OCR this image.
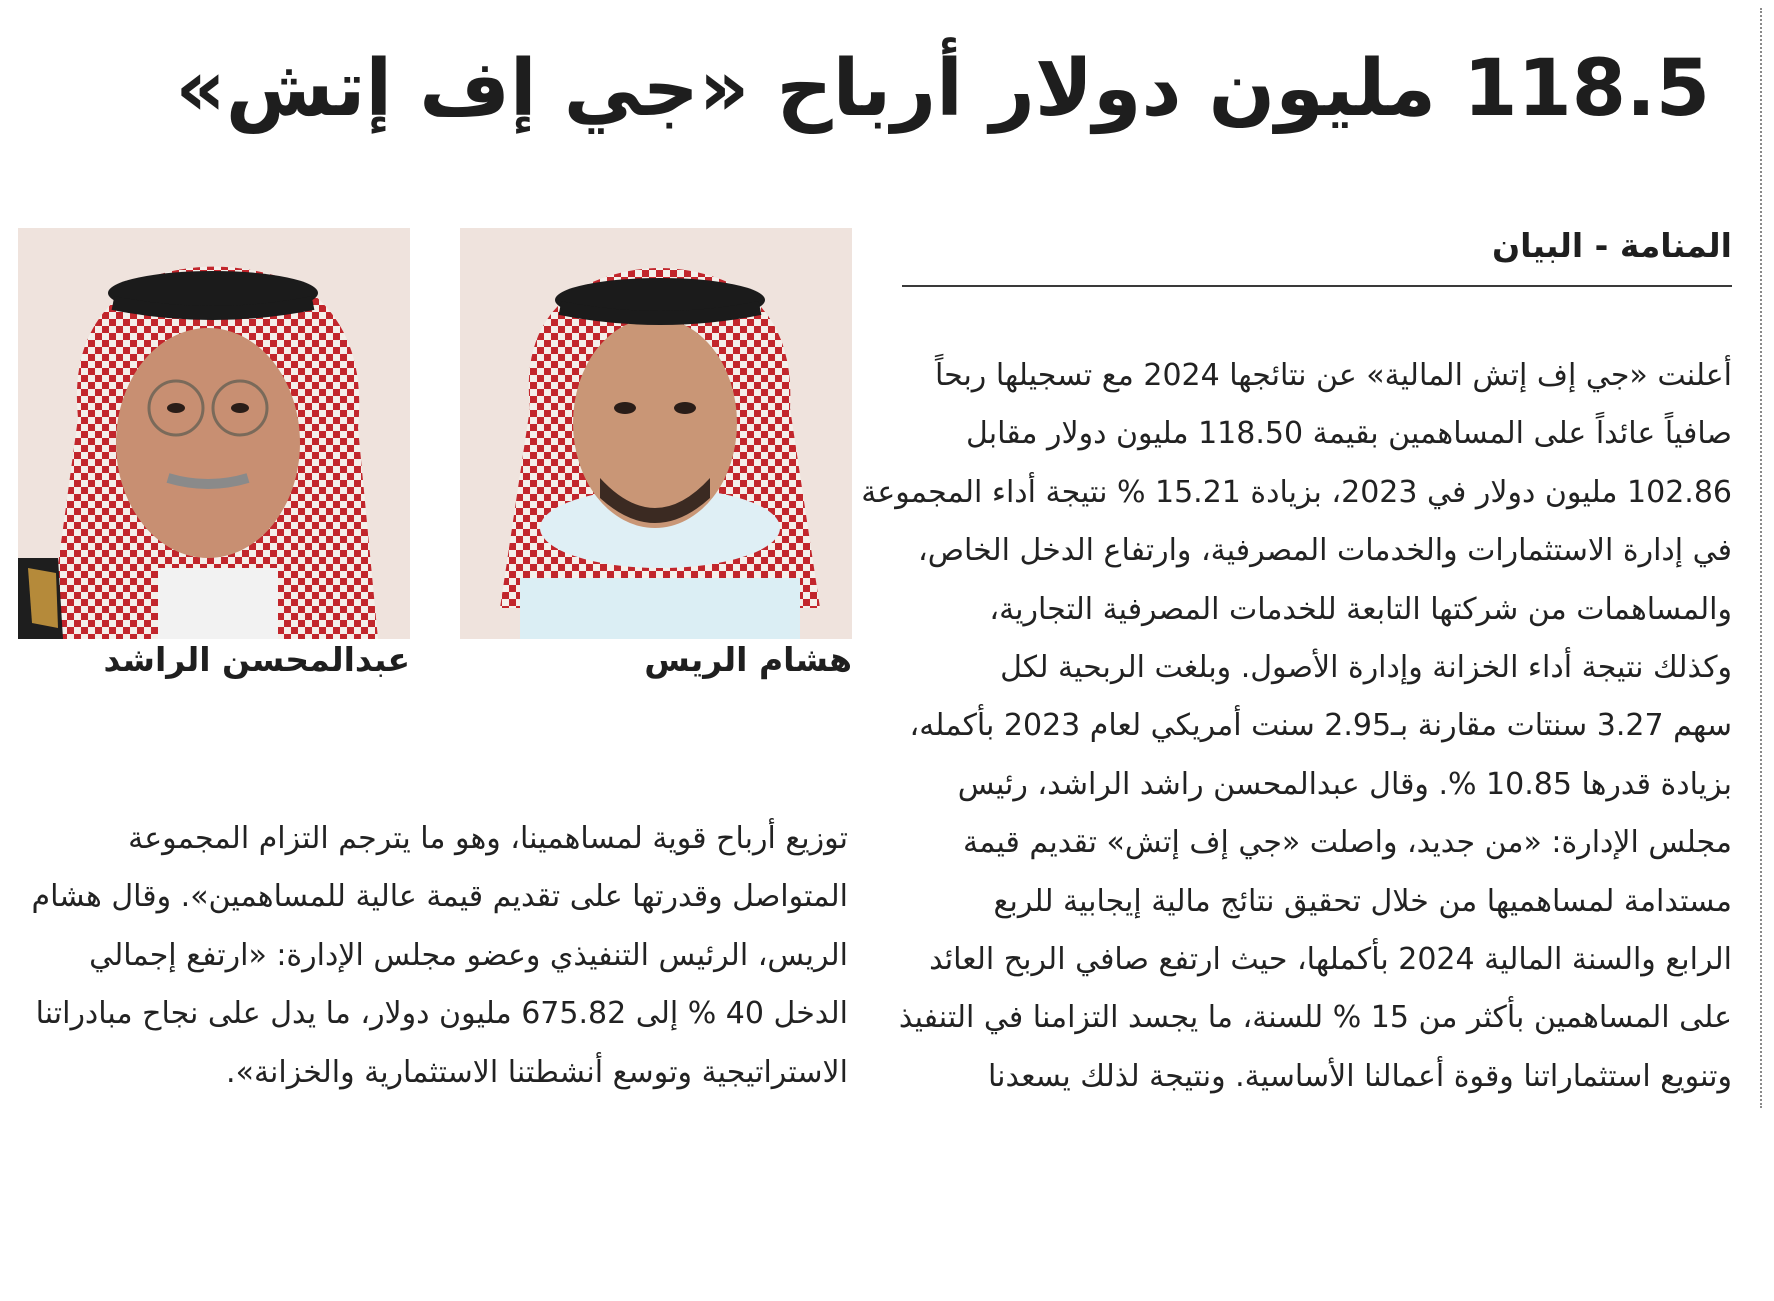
118.5 مليون دولار أرباح «جي إف إتش»
المنامة - البيان
أعلنت «جي إف إتش المالية» عن نتائجها 2024 مع تسجيلها ربحاً
صافياً عائداً على المساهمين بقيمة 118.50 مليون دولار مقابل
102.86 مليون دولار في 2023، بزيادة 15.21 % نتيجة أداء المجموعة
في إدارة الاستثمارات والخدمات المصرفية، وارتفاع الدخل الخاص،
والمساهمات من شركتها التابعة للخدمات المصرفية التجارية،
وكذلك نتيجة أداء الخزانة وإدارة الأصول. وبلغت الربحية لكل
سهم 3.27 سنتات مقارنة بـ2.95 سنت أمريكي لعام 2023 بأكمله،
بزيادة قدرها 10.85 %. وقال عبدالمحسن راشد الراشد، رئيس
مجلس الإدارة: «من جديد، واصلت «جي إف إتش» تقديم قيمة
مستدامة لمساهميها من خلال تحقيق نتائج مالية إيجابية للربع
الرابع والسنة المالية 2024 بأكملها، حيث ارتفع صافي الربح العائد
على المساهمين بأكثر من 15 % للسنة، ما يجسد التزامنا في التنفيذ
وتنويع استثماراتنا وقوة أعمالنا الأساسية. ونتيجة لذلك يسعدنا
هشام الريس
عبدالمحسن الراشد
توزيع أرباح قوية لمساهمينا، وهو ما يترجم التزام المجموعة
المتواصل وقدرتها على تقديم قيمة عالية للمساهمين». وقال هشام
الريس، الرئيس التنفيذي وعضو مجلس الإدارة: «ارتفع إجمالي
الدخل 40 % إلى 675.82 مليون دولار، ما يدل على نجاح مبادراتنا
الاستراتيجية وتوسع أنشطتنا الاستثمارية والخزانة».
